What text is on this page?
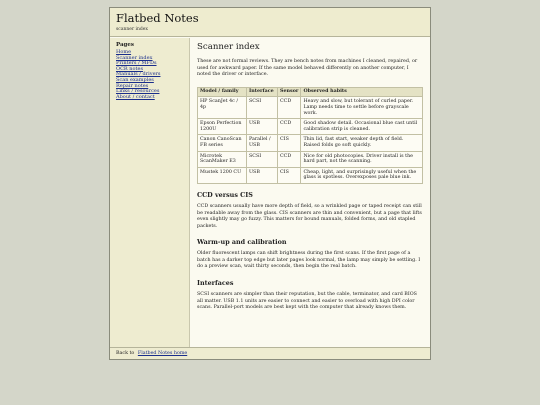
Flatbed Notes
scanner index
Pages
Home
Scanner index
Printers / MFDs
OCR notes
Manuals / drivers
Scan examples
Repair notes
Links / resources
About / contact
Scanner index

These are not formal reviews. They are bench notes from machines I cleaned, repaired, or used for awkward paper. If the same model behaved differently on another computer, I noted the driver or interface.

Model / family	Interface	Sensor	Observed habits
HP ScanJet 4c / 4p	SCSI	CCD	Heavy and slow, but tolerant of curled paper. Lamp needs time to settle before grayscale work.
Epson Perfection 1200U	USB	CCD	Good shadow detail. Occasional blue cast until calibration strip is cleaned.
Canon CanoScan FB series	Parallel / USB	CIS	Thin lid, fast start, weaker depth of field. Raised folds go soft quickly.
Microtek ScanMaker E3	SCSI	CCD	Nice for old photocopies. Driver install is the hard part, not the scanning.
Mustek 1200 CU	USB	CIS	Cheap, light, and surprisingly useful when the glass is spotless. Overexposes pale blue ink.
CCD versus CIS

CCD scanners usually have more depth of field, so a wrinkled page or taped receipt can still be readable away from the glass. CIS scanners are thin and convenient, but a page that lifts even slightly may go fuzzy. This matters for bound manuals, folded forms, and old stapled packets.

Warm-up and calibration

Older fluorescent lamps can shift brightness during the first scans. If the first page of a batch has a darker top edge but later pages look normal, the lamp may simply be settling. I do a preview scan, wait thirty seconds, then begin the real batch.

Interfaces

SCSI scanners are simpler than their reputation, but the cable, terminator, and card BIOS all matter. USB 1.1 units are easier to connect and easier to overload with high DPI color scans. Parallel-port models are best kept with the computer that already knows them.

Back to Flatbed Notes home
